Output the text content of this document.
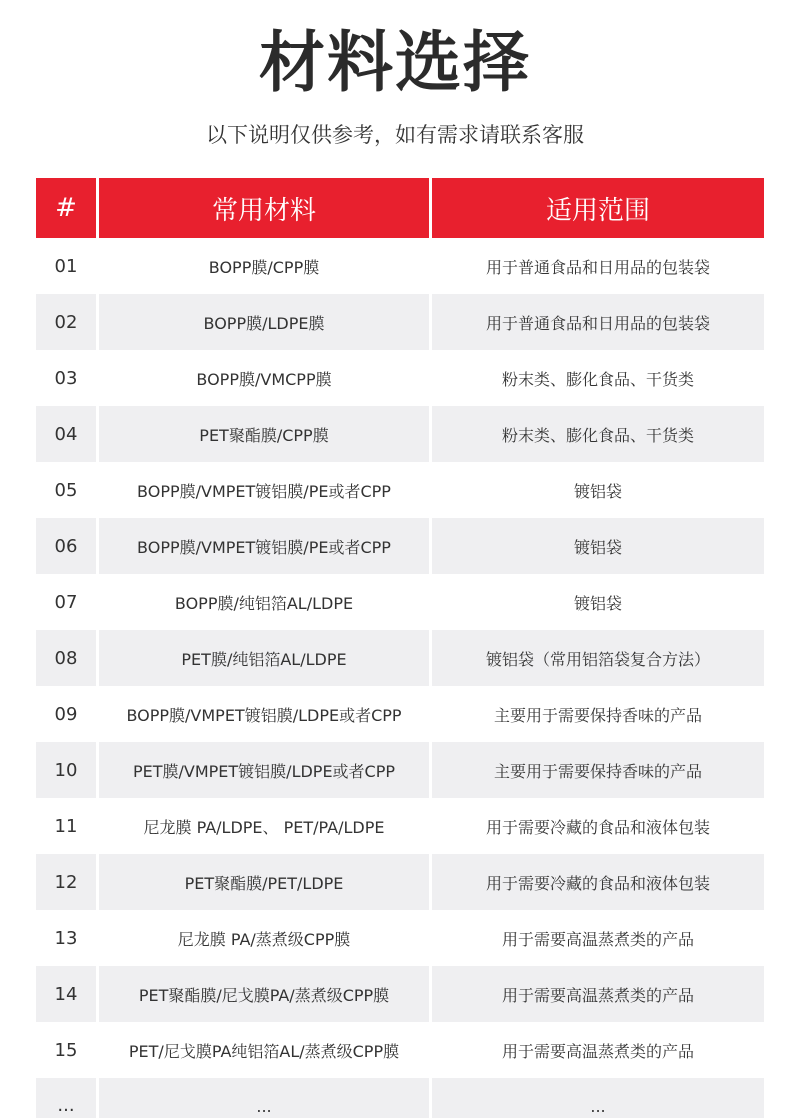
材料选择
以下说明仅供参考，如有需求请联系客服
#	常用材料	适用范围
01	BOPP膜/CPP膜	用于普通食品和日用品的包装袋
02	BOPP膜/LDPE膜	用于普通食品和日用品的包装袋
03	BOPP膜/VMCPP膜	粉末类、膨化食品、干货类
04	PET聚酯膜/CPP膜	粉末类、膨化食品、干货类
05	BOPP膜/VMPET镀铝膜/PE或者CPP	镀铝袋
06	BOPP膜/VMPET镀铝膜/PE或者CPP	镀铝袋
07	BOPP膜/纯铝箔AL/LDPE	镀铝袋
08	PET膜/纯铝箔AL/LDPE	镀铝袋（常用铝箔袋复合方法）
09	BOPP膜/VMPET镀铝膜/LDPE或者CPP	主要用于需要保持香味的产品
10	PET膜/VMPET镀铝膜/LDPE或者CPP	主要用于需要保持香味的产品
11	尼龙膜 PA/LDPE、 PET/PA/LDPE	用于需要冷藏的食品和液体包装
12	PET聚酯膜/PET/LDPE	用于需要冷藏的食品和液体包装
13	尼龙膜 PA/蒸煮级CPP膜	用于需要高温蒸煮类的产品
14	PET聚酯膜/尼戈膜PA/蒸煮级CPP膜	用于需要高温蒸煮类的产品
15	PET/尼戈膜PA纯铝箔AL/蒸煮级CPP膜	用于需要高温蒸煮类的产品
...	...	...
